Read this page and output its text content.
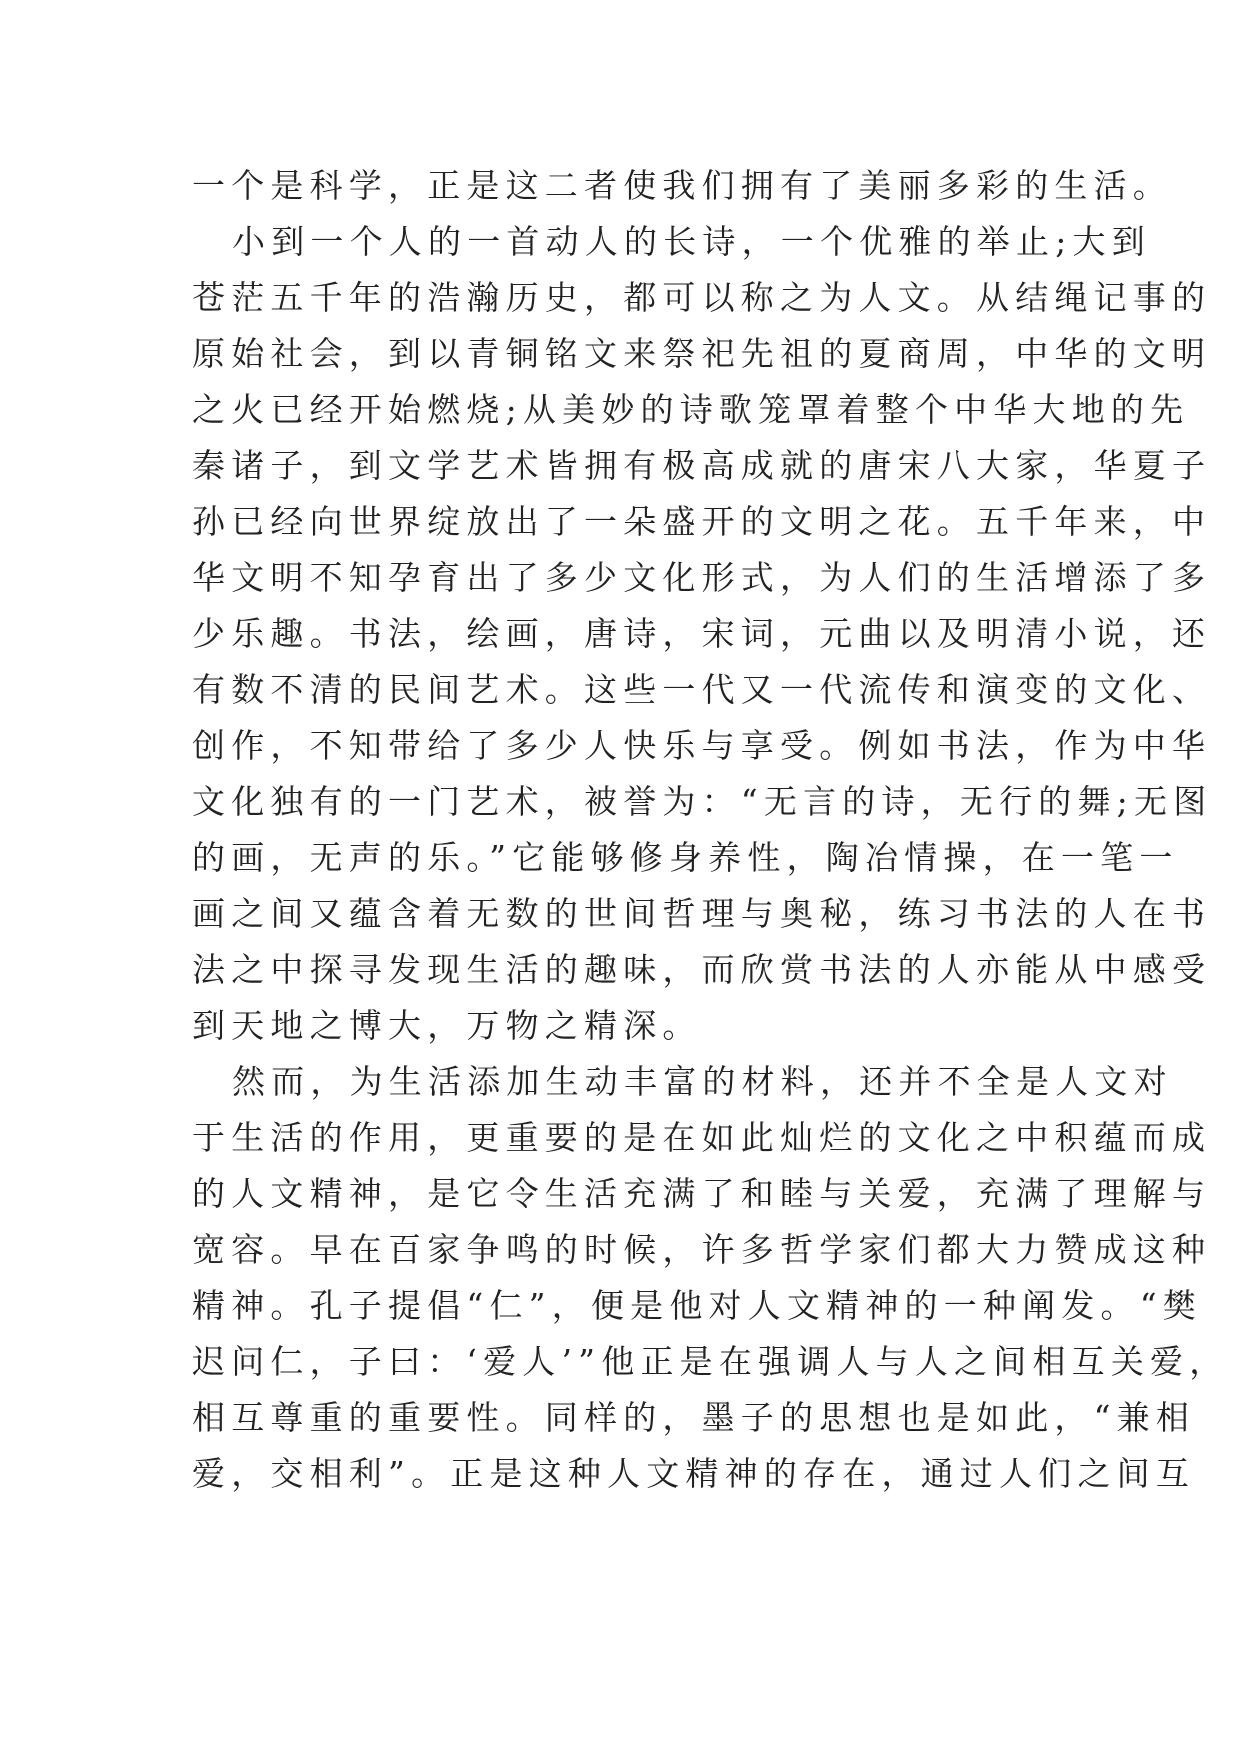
一个是科学，正是这二者使我们拥有了美丽多彩的生活。
小到一个人的一首动人的长诗，一个优雅的举止;大到
苍茫五千年的浩瀚历史，都可以称之为人文。从结绳记事的
原始社会，到以青铜铭文来祭祀先祖的夏商周，中华的文明
之火已经开始燃烧;从美妙的诗歌笼罩着整个中华大地的先
秦诸子，到文学艺术皆拥有极高成就的唐宋八大家，华夏子
孙已经向世界绽放出了一朵盛开的文明之花。五千年来，中
华文明不知孕育出了多少文化形式，为人们的生活增添了多
少乐趣。书法，绘画，唐诗，宋词，元曲以及明清小说，还
有数不清的民间艺术。这些一代又一代流传和演变的文化、
创作，不知带给了多少人快乐与享受。例如书法，作为中华
文化独有的一门艺术，被誉为：“无言的诗，无行的舞;无图
的画，无声的乐。”它能够修身养性，陶冶情操，在一笔一
画之间又蕴含着无数的世间哲理与奥秘，练习书法的人在书
法之中探寻发现生活的趣味，而欣赏书法的人亦能从中感受
到天地之博大，万物之精深。
然而，为生活添加生动丰富的材料，还并不全是人文对
于生活的作用，更重要的是在如此灿烂的文化之中积蕴而成
的人文精神，是它令生活充满了和睦与关爱，充满了理解与
宽容。早在百家争鸣的时候，许多哲学家们都大力赞成这种
精神。孔子提倡“仁”，便是他对人文精神的一种阐发。“樊
迟问仁，子曰：‘爱人’”他正是在强调人与人之间相互关爱，
相互尊重的重要性。同样的，墨子的思想也是如此，“兼相
爱，交相利”。正是这种人文精神的存在，通过人们之间互
